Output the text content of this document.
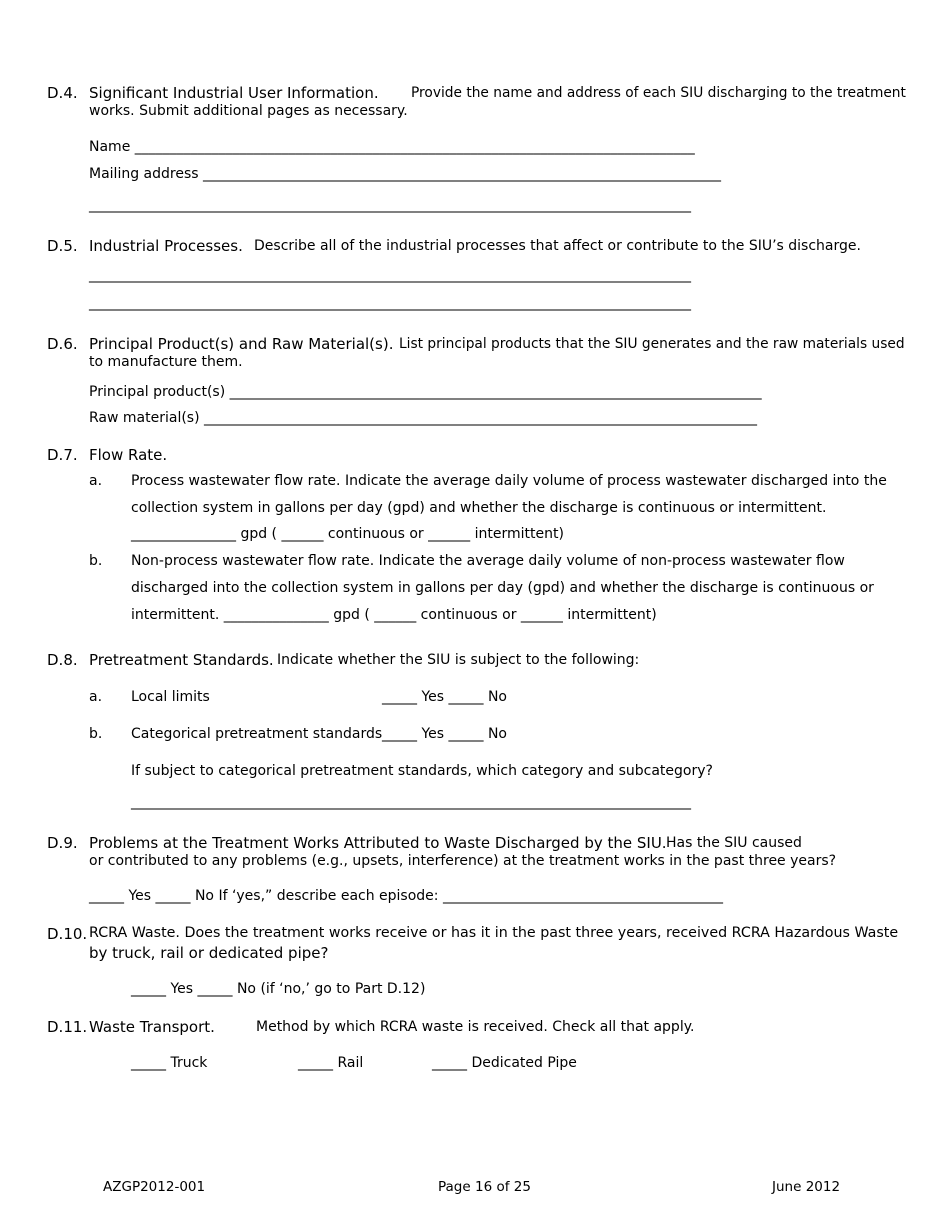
D.4. Significant Industrial User Information. Provide the name and address of each SIU discharging to the treatment
works. Submit additional pages as necessary.
Name ________________________________________________________________________________
Mailing address __________________________________________________________________________
______________________________________________________________________________________
D.5. Industrial Processes. Describe all of the industrial processes that affect or contribute to the SIU’s discharge.
______________________________________________________________________________________
______________________________________________________________________________________
D.6. Principal Product(s) and Raw Material(s). List principal products that the SIU generates and the raw materials used
to manufacture them.
Principal product(s) ____________________________________________________________________________
Raw material(s) _______________________________________________________________________________
D.7. Flow Rate.
a. Process wastewater flow rate. Indicate the average daily volume of process wastewater discharged into the
collection system in gallons per day (gpd) and whether the discharge is continuous or intermittent.
_______________ gpd ( ______ continuous or ______ intermittent)
b. Non-process wastewater flow rate. Indicate the average daily volume of non-process wastewater flow
discharged into the collection system in gallons per day (gpd) and whether the discharge is continuous or
intermittent. _______________ gpd ( ______ continuous or ______ intermittent)
D.8. Pretreatment Standards. Indicate whether the SIU is subject to the following:
a. Local limits	_____ Yes _____ No
b. Categorical pretreatment standards _____ Yes _____ No
If subject to categorical pretreatment standards, which category and subcategory?
________________________________________________________________________________
D.9. Problems at the Treatment Works Attributed to Waste Discharged by the SIU. Has the SIU caused
or contributed to any problems (e.g., upsets, interference) at the treatment works in the past three years?
_____ Yes _____ No If ‘yes,” describe each episode: ________________________________________
D.10. RCRA Waste. Does the treatment works receive or has it in the past three years, received RCRA Hazardous Waste
by truck, rail or dedicated pipe?
_____ Yes _____ No (if ‘no,’ go to Part D.12)
D.11. Waste Transport.	Method by which RCRA waste is received. Check all that apply.
_____ Truck	_____ Rail	_____ Dedicated Pipe
AZGP2012-001	Page 16 of 25	June 2012
